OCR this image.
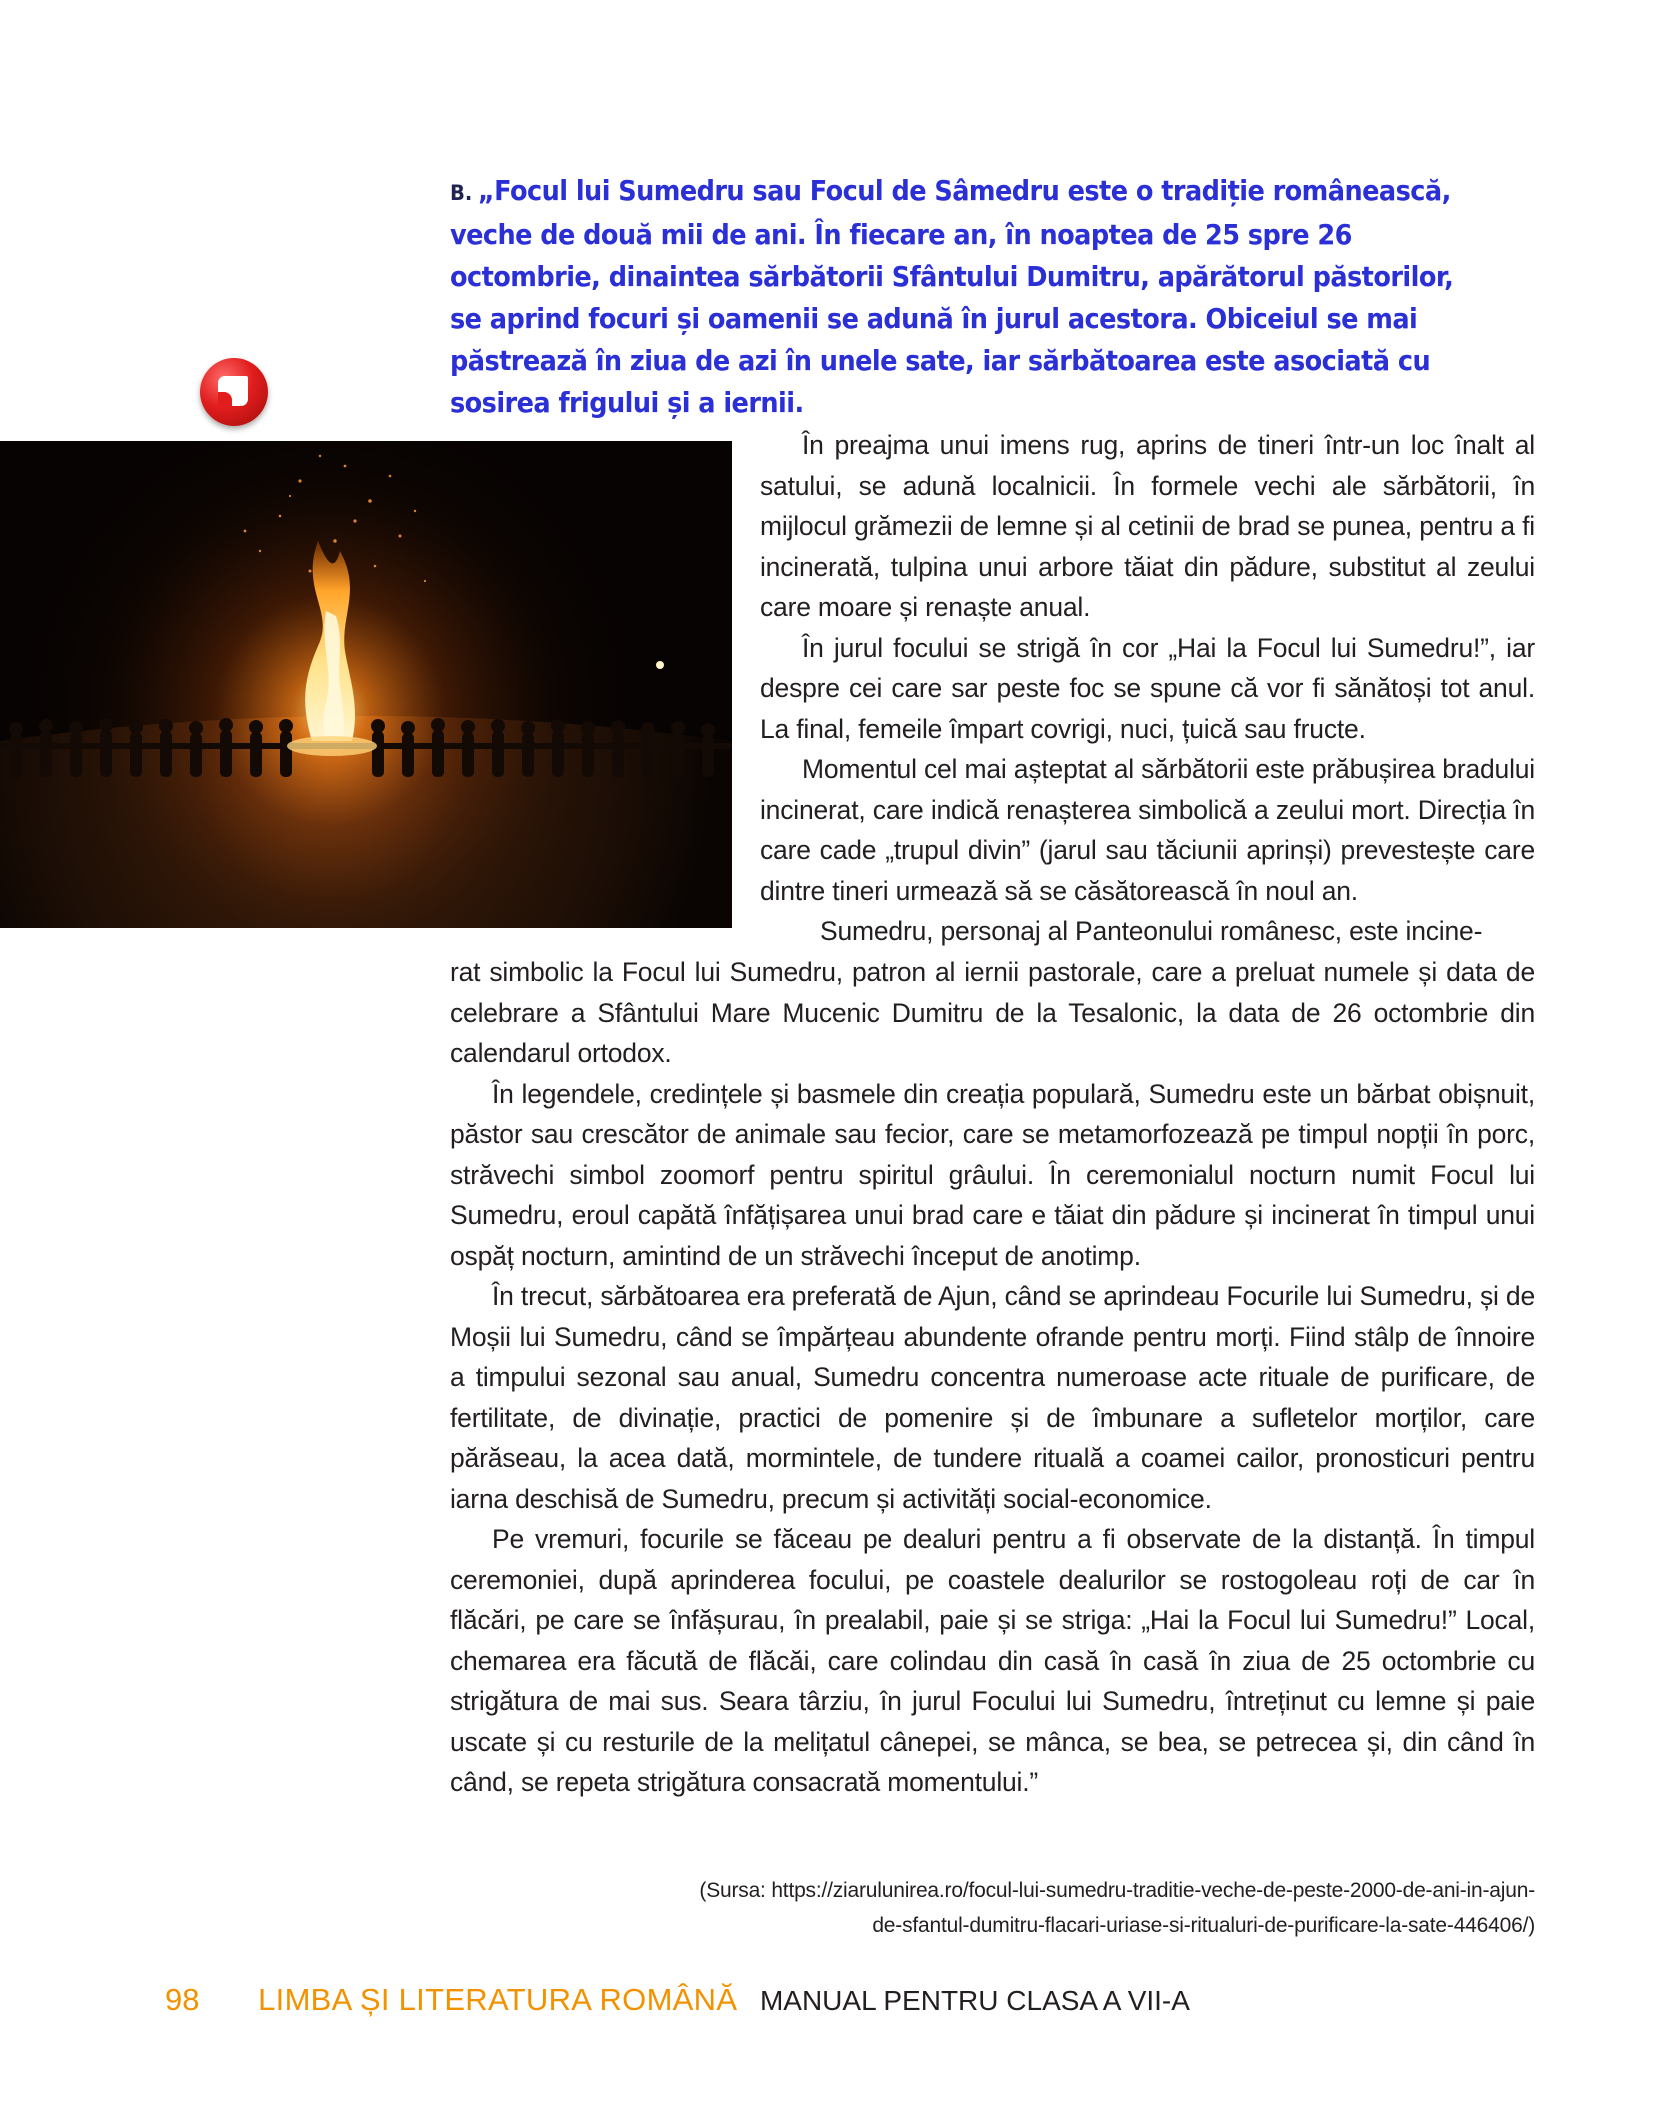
B. „Focul lui Sumedru sau Focul de Sâmedru este o tradiție românească, veche de două mii de ani. În fiecare an, în noaptea de 25 spre 26 octombrie, dinaintea sărbătorii Sfântului Dumitru, apărătorul păstorilor, se aprind focuri și oamenii se adună în jurul acestora. Obiceiul se mai păstrează în ziua de azi în unele sate, iar sărbătoarea este asociată cu sosirea frigului și a iernii.

În preajma unui imens rug, aprins de tineri într-un loc înalt al satului, se adună localnicii. În formele vechi ale sărbătorii, în mijlocul grămezii de lemne și al cetinii de brad se punea, pentru a fi incinerată, tulpina unui arbore tăiat din pădure, substitut al zeului care moare și renaște anual.

În jurul focului se strigă în cor „Hai la Focul lui Sumedru!”, iar despre cei care sar peste foc se spune că vor fi sănătoși tot anul. La final, femeile împart covrigi, nuci, țuică sau fructe.

Momentul cel mai așteptat al sărbătorii este prăbușirea bradului incinerat, care indică renașterea simbolică a zeului mort. Direcția în care cade „trupul divin” (jarul sau tăciunii aprinși) prevestește care dintre tineri urmează să se căsătorească în noul an.

Sumedru, personaj al Panteonului românesc, este incine-

rat simbolic la Focul lui Sumedru, patron al iernii pastorale, care a preluat numele și data de celebrare a Sfântului Mare Mucenic Dumitru de la Tesalonic, la data de 26 octombrie din calendarul ortodox.

În legendele, credințele și basmele din creația populară, Sumedru este un bărbat obișnuit, păstor sau crescător de animale sau fecior, care se metamorfozează pe timpul nopții în porc, străvechi simbol zoomorf pentru spiritul grâului. În ceremonialul nocturn numit Focul lui Sumedru, eroul capătă înfățișarea unui brad care e tăiat din pădure și incinerat în timpul unui ospăț nocturn, amintind de un străvechi început de anotimp.

În trecut, sărbătoarea era preferată de Ajun, când se aprindeau Focurile lui Sumedru, și de Moșii lui Sumedru, când se împărțeau abundente ofrande pentru morți. Fiind stâlp de înnoire a timpului sezonal sau anual, Sumedru concentra numeroase acte rituale de purificare, de fertilitate, de divinație, practici de pomenire și de îmbunare a sufletelor morților, care părăseau, la acea dată, mormintele, de tundere rituală a coamei cailor, pronosticuri pentru iarna deschisă de Sumedru, precum și activități social-economice.

Pe vremuri, focurile se făceau pe dealuri pentru a fi observate de la distanță. În timpul ceremoniei, după aprinderea focului, pe coastele dealurilor se rostogoleau roți de car în flăcări, pe care se înfășurau, în prealabil, paie și se striga: „Hai la Focul lui Sumedru!” Local, chemarea era făcută de flăcăi, care colindau din casă în casă în ziua de 25 octombrie cu strigătura de mai sus. Seara târziu, în jurul Focului lui Sumedru, întreținut cu lemne și paie uscate și cu resturile de la melițatul cânepei, se mânca, se bea, se petrecea și, din când în când, se repeta strigătura consacrată momentului.”

(Sursa: https://ziarulunirea.ro/focul-lui-sumedru-traditie-veche-de-peste-2000-de-ani-in-ajun-
de-sfantul-dumitru-flacari-uriase-si-ritualuri-de-purificare-la-sate-446406/)
98 LIMBA ȘI LITERATURA ROMÂNĂ MANUAL PENTRU CLASA A VII-A
